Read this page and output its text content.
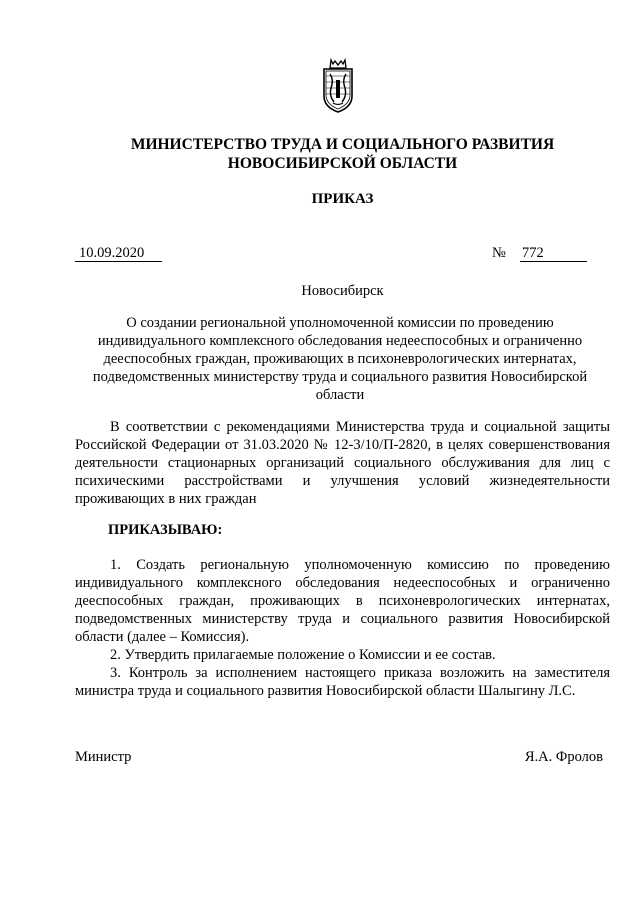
МИНИСТЕРСТВО ТРУДА И СОЦИАЛЬНОГО РАЗВИТИЯ
НОВОСИБИРСКОЙ ОБЛАСТИ
ПРИКАЗ
10.09.2020	№ 772
Новосибирск
О создании региональной уполномоченной комиссии по проведению индивидуального комплексного обследования недееспособных и ограниченно дееспособных граждан, проживающих в психоневрологических интернатах, подведомственных министерству труда и социального развития Новосибирской области
В соответствии с рекомендациями Министерства труда и социальной защиты Российской Федерации от 31.03.2020 № 12-3/10/П-2820, в целях совершенствования деятельности стационарных организаций социального обслуживания для лиц с психическими расстройствами и улучшения условий жизнедеятельности проживающих в них граждан
ПРИКАЗЫВАЮ:

1. Создать региональную уполномоченную комиссию по проведению индивидуального комплексного обследования недееспособных и ограниченно дееспособных граждан, проживающих в психоневрологических интернатах, подведомственных министерству труда и социального развития Новосибирской области (далее – Комиссия).

2. Утвердить прилагаемые положение о Комиссии и ее состав.

3. Контроль за исполнением настоящего приказа возложить на заместителя министра труда и социального развития Новосибирской области Шалыгину Л.С.

Министр	Я.А. Фролов
